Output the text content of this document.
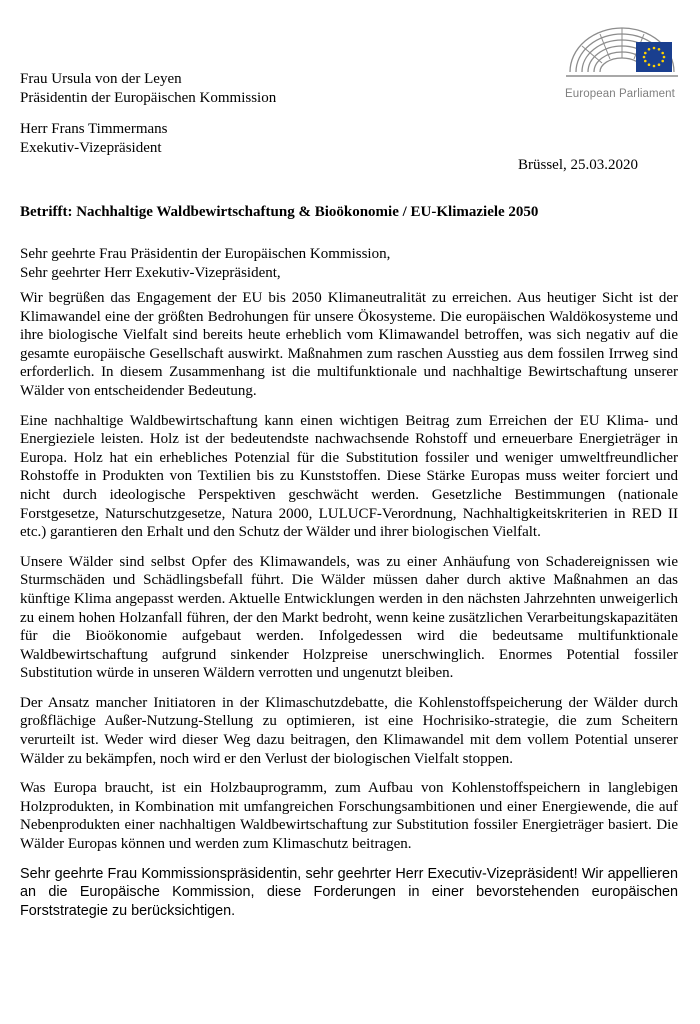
European Parliament
Frau Ursula von der Leyen
Präsidentin der Europäischen Kommission
Herr Frans Timmermans
Exekutiv-Vizepräsident
Brüssel, 25.03.2020
Betrifft: Nachhaltige Waldbewirtschaftung & Bioökonomie / EU-Klimaziele 2050
Sehr geehrte Frau Präsidentin der Europäischen Kommission,
Sehr geehrter Herr Exekutiv-Vizepräsident,

Wir begrüßen das Engagement der EU bis 2050 Klimaneutralität zu erreichen. Aus heutiger Sicht ist der Klimawandel eine der größten Bedrohungen für unsere Ökosysteme. Die europäischen Waldökosysteme und ihre biologische Vielfalt sind bereits heute erheblich vom Klimawandel betroffen, was sich negativ auf die gesamte europäische Gesellschaft auswirkt. Maßnahmen zum raschen Ausstieg aus dem fossilen Irrweg sind erforderlich. In diesem Zusammenhang ist die multifunktionale und nachhaltige Bewirtschaftung unserer Wälder von entscheidender Bedeutung.

Eine nachhaltige Waldbewirtschaftung kann einen wichtigen Beitrag zum Erreichen der EU Klima- und Energieziele leisten. Holz ist der bedeutendste nachwachsende Rohstoff und erneuerbare Energieträger in Europa. Holz hat ein erhebliches Potenzial für die Substitution fossiler und weniger umweltfreundlicher Rohstoffe in Produkten von Textilien bis zu Kunststoffen. Diese Stärke Europas muss weiter forciert und nicht durch ideologische Perspektiven geschwächt werden. Gesetzliche Bestimmungen (nationale Forstgesetze, Naturschutzgesetze, Natura 2000, LULUCF-Verordnung, Nachhaltigkeitskriterien in RED II etc.) garantieren den Erhalt und den Schutz der Wälder und ihrer biologischen Vielfalt.

Unsere Wälder sind selbst Opfer des Klimawandels, was zu einer Anhäufung von Schadereignissen wie Sturmschäden und Schädlingsbefall führt. Die Wälder müssen daher durch aktive Maßnahmen an das künftige Klima angepasst werden. Aktuelle Entwicklungen werden in den nächsten Jahrzehnten unweigerlich zu einem hohen Holzanfall führen, der den Markt bedroht, wenn keine zusätzlichen Verarbeitungskapazitäten für die Bioökonomie aufgebaut werden. Infolgedessen wird die bedeutsame multifunktionale Waldbewirtschaftung aufgrund sinkender Holzpreise unerschwinglich. Enormes Potential fossiler Substitution würde in unseren Wäldern verrotten und ungenutzt bleiben.

Der Ansatz mancher Initiatoren in der Klimaschutzdebatte, die Kohlenstoffspeicherung der Wälder durch großflächige Außer-Nutzung-Stellung zu optimieren, ist eine Hochrisiko-strategie, die zum Scheitern verurteilt ist. Weder wird dieser Weg dazu beitragen, den Klimawandel mit dem vollem Potential unserer Wälder zu bekämpfen, noch wird er den Verlust der biologischen Vielfalt stoppen.

Was Europa braucht, ist ein Holzbauprogramm, zum Aufbau von Kohlenstoffspeichern in langlebigen Holzprodukten, in Kombination mit umfangreichen Forschungsambitionen und einer Energiewende, die auf Nebenprodukten einer nachhaltigen Waldbewirtschaftung zur Substitution fossiler Energieträger basiert. Die Wälder Europas können und werden zum Klimaschutz beitragen.

Sehr geehrte Frau Kommissionspräsidentin, sehr geehrter Herr Executiv-Vizepräsident! Wir appellieren an die Europäische Kommission, diese Forderungen in einer bevorstehenden europäischen Forststrategie zu berücksichtigen.
